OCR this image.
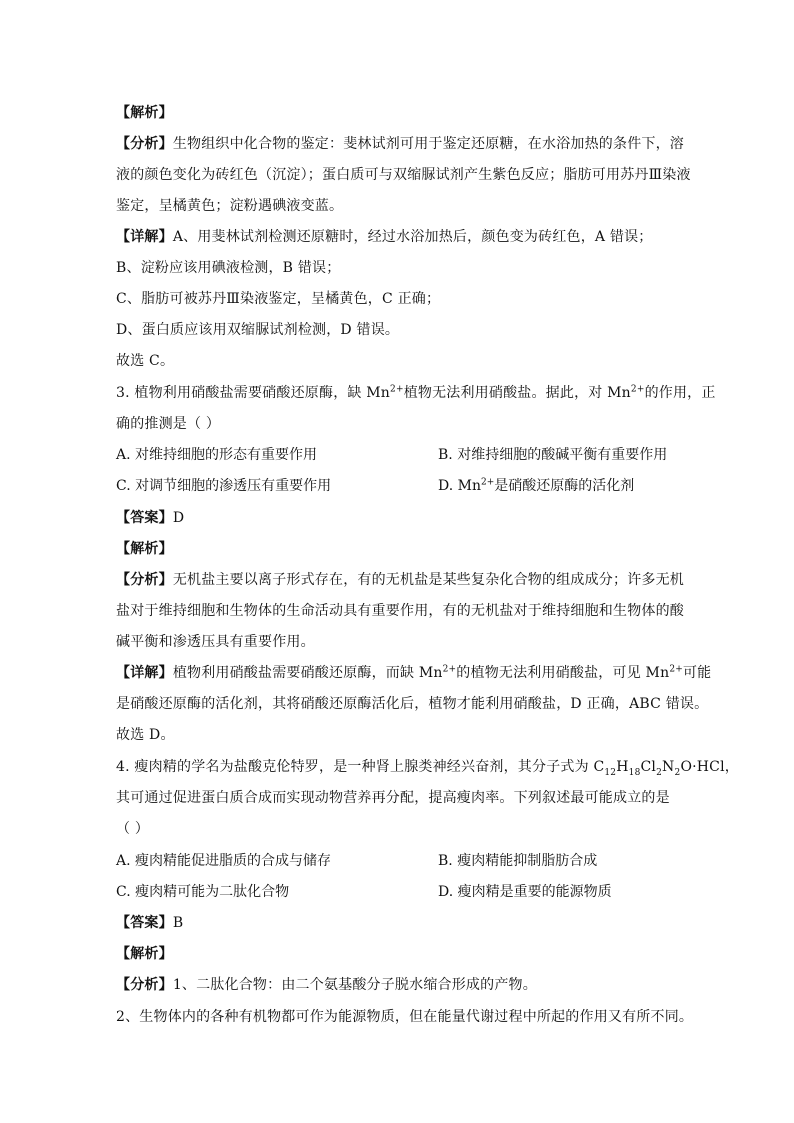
【解析】
【分析】生物组织中化合物的鉴定：斐林试剂可用于鉴定还原糖，在水浴加热的条件下，溶
液的颜色变化为砖红色（沉淀）；蛋白质可与双缩脲试剂产生紫色反应；脂肪可用苏丹Ⅲ染液
鉴定，呈橘黄色；淀粉遇碘液变蓝。
【详解】A、用斐林试剂检测还原糖时，经过水浴加热后，颜色变为砖红色，A 错误；
B、淀粉应该用碘液检测，B 错误；
C、脂肪可被苏丹Ⅲ染液鉴定，呈橘黄色，C 正确；
D、蛋白质应该用双缩脲试剂检测，D 错误。
故选 C。
3. 植物利用硝酸盐需要硝酸还原酶，缺 $Mn^{2+}$植物无法利用硝酸盐。据此，对 $Mn^{2+}$的作用，正
确的推测是（ ）
A. 对维持细胞的形态有重要作用	B. 对维持细胞的酸碱平衡有重要作用
C. 对调节细胞的渗透压有重要作用	D. $Mn^{2+}$是硝酸还原酶的活化剂
【答案】D
【解析】
【分析】无机盐主要以离子形式存在，有的无机盐是某些复杂化合物的组成成分；许多无机
盐对于维持细胞和生物体的生命活动具有重要作用，有的无机盐对于维持细胞和生物体的酸
碱平衡和渗透压具有重要作用。
【详解】植物利用硝酸盐需要硝酸还原酶，而缺 $Mn^{2+}$的植物无法利用硝酸盐，可见 $Mn^{2+}$可能
是硝酸还原酶的活化剂，其将硝酸还原酶活化后，植物才能利用硝酸盐，D 正确，ABC 错误。
故选 D。
4. 瘦肉精的学名为盐酸克伦特罗，是一种肾上腺类神经兴奋剂，其分子式为 $C_{12}H_{18}Cl_2N_2O\cdot HCl$，
其可通过促进蛋白质合成而实现动物营养再分配，提高瘦肉率。下列叙述最可能成立的是
（ ）
A. 瘦肉精能促进脂质的合成与储存	B. 瘦肉精能抑制脂肪合成
C. 瘦肉精可能为二肽化合物	D. 瘦肉精是重要的能源物质
【答案】B
【解析】
【分析】1、二肽化合物：由二个氨基酸分子脱水缩合形成的产物。
2、生物体内的各种有机物都可作为能源物质，但在能量代谢过程中所起的作用又有所不同。
